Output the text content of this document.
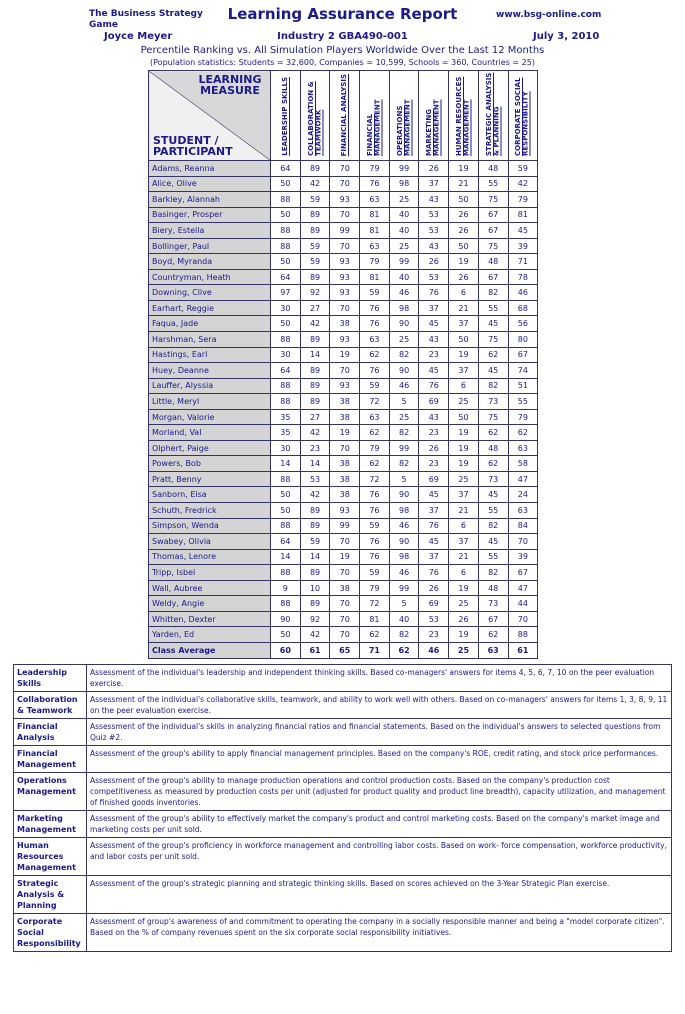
The Business Strategy Game
Learning Assurance Report	www.bsg-online.com
Joyce Meyer	Industry 2 GBA490-001	July 3, 2010
Percentile Ranking vs. All Simulation Players Worldwide Over the Last 12 Months
(Population statistics: Students = 32,600, Companies = 10,599, Schools = 360, Countries = 25)
LEARNING MEASURE
STUDENT / PARTICIPANT	LEADERSHIP SKILLS	COLLABORATION & TEAMWORK	FINANCIAL ANALYSIS	FINANCIAL MANAGEMENT	OPERATIONS MANAGEMENT	MARKETING MANAGEMENT	HUMAN RESOURCES MANAGEMENT	STRATEGIC ANALYSIS & PLANNING	CORPORATE SOCIAL RESPONSIBILITY
Adams, Reanna	64	89	70	79	99	26	19	48	59
Alice, Olive	50	42	70	76	98	37	21	55	42
Barkley, Alannah	88	59	93	63	25	43	50	75	79
Basinger, Prosper	50	89	70	81	40	53	26	67	81
Biery, Estella	88	89	99	81	40	53	26	67	45
Bollinger, Paul	88	59	70	63	25	43	50	75	39
Boyd, Myranda	50	59	93	79	99	26	19	48	71
Countryman, Heath	64	89	93	81	40	53	26	67	78
Downing, Clive	97	92	93	59	46	76	6	82	46
Earhart, Reggie	30	27	70	76	98	37	21	55	68
Faqua, Jade	50	42	38	76	90	45	37	45	56
Harshman, Sera	88	89	93	63	25	43	50	75	80
Hastings, Earl	30	14	19	62	82	23	19	62	67
Huey, Deanne	64	89	70	76	90	45	37	45	74
Lauffer, Alyssia	88	89	93	59	46	76	6	82	51
Little, Meryl	88	89	38	72	5	69	25	73	55
Morgan, Valorie	35	27	38	63	25	43	50	75	79
Morland, Val	35	42	19	62	82	23	19	62	62
Olphert, Paige	30	23	70	79	99	26	19	48	63
Powers, Bob	14	14	38	62	82	23	19	62	58
Pratt, Benny	88	53	38	72	5	69	25	73	47
Sanborn, Elsa	50	42	38	76	90	45	37	45	24
Schuth, Fredrick	50	89	93	76	98	37	21	55	63
Simpson, Wenda	88	89	99	59	46	76	6	82	84
Swabey, Olivia	64	59	70	76	90	45	37	45	70
Thomas, Lenore	14	14	19	76	98	37	21	55	39
Tripp, Isbel	88	89	70	59	46	76	6	82	67
Wall, Aubree	9	10	38	79	99	26	19	48	47
Weldy, Angie	88	89	70	72	5	69	25	73	44
Whitten, Dexter	90	92	70	81	40	53	26	67	70
Yarden, Ed	50	42	70	62	82	23	19	62	88
Class Average	60	61	65	71	62	46	25	63	61
Leadership Skills	Assessment of the individual's leadership and independent thinking skills. Based co-managers' answers for items 4, 5, 6, 7, 10 on the peer evaluation exercise.
Collaboration & Teamwork	Assessment of the individual's collaborative skills, teamwork, and ability to work well with others. Based on co-managers' answers for items 1, 3, 8, 9, 11 on the peer evaluation exercise.
Financial Analysis	Assessment of the individual's skills in analyzing financial ratios and financial statements. Based on the individual's answers to selected questions from Quiz #2.
Financial Management	Assessment of the group's ability to apply financial management principles. Based on the company's ROE, credit rating, and stock price performances.
Operations Management	Assessment of the group's ability to manage production operations and control production costs. Based on the company's production cost competitiveness as measured by production costs per unit (adjusted for product quality and product line breadth), capacity utilization, and management of finished goods inventories.
Marketing Management	Assessment of the group's ability to effectively market the company's product and control marketing costs. Based on the company's market image and marketing costs per unit sold.
Human Resources Management	Assessment of the group's proficiency in workforce management and controlling labor costs. Based on work- force compensation, workforce productivity, and labor costs per unit sold.
Strategic Analysis & Planning	Assessment of the group's strategic planning and strategic thinking skills. Based on scores achieved on the 3-Year Strategic Plan exercise.
Corporate Social Responsibility	Assessment of group's awareness of and commitment to operating the company in a socially responsible manner and being a "model corporate citizen". Based on the % of company revenues spent on the six corporate social responsibility initiatives.
